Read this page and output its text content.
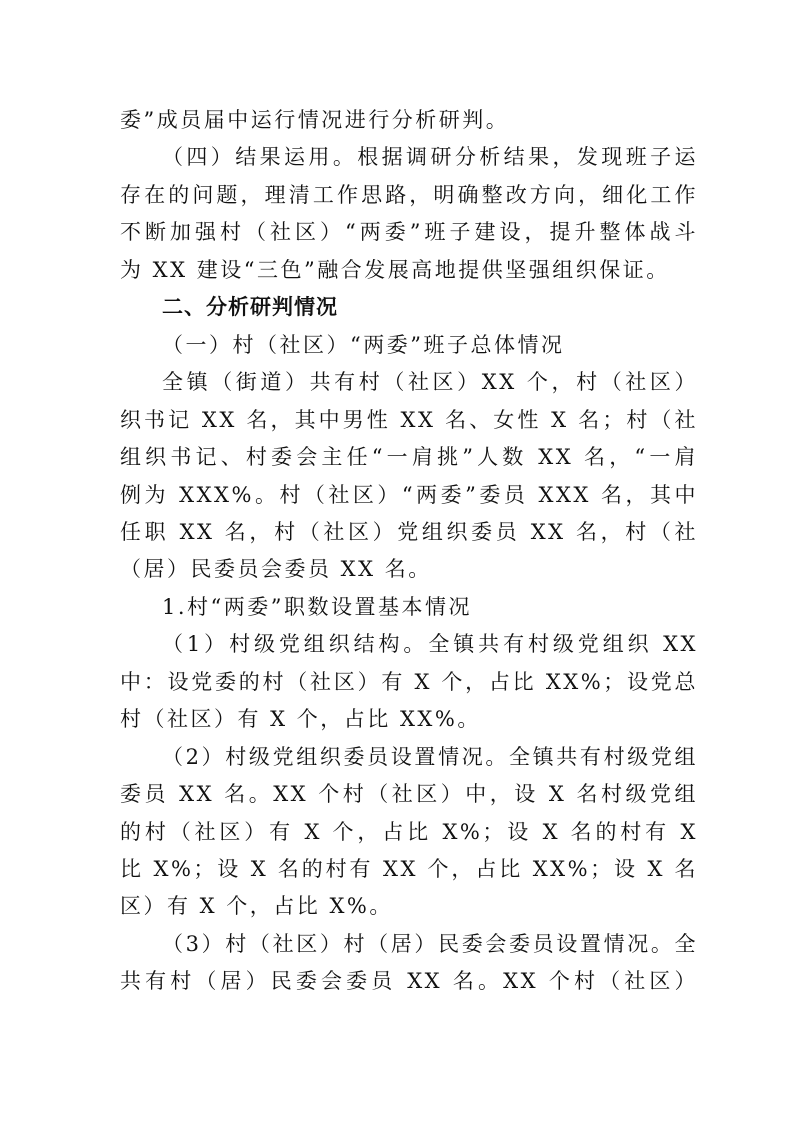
委”成员届中运行情况进行分析研判。
（四）结果运用。根据调研分析结果，发现班子运
存在的问题，理清工作思路，明确整改方向，细化工作
不断加强村（社区）“两委”班子建设，提升整体战斗
为 XX 建设“三色”融合发展高地提供坚强组织保证。
二、分析研判情况
（一）村（社区）“两委”班子总体情况
全镇（街道）共有村（社区）XX 个，村（社区）
织书记 XX 名，其中男性 XX 名、女性 X 名；村（社
组织书记、村委会主任“一肩挑”人数 XX 名，“一肩
例为 XXX%。村（社区）“两委”委员 XXX 名，其中
任职 XX 名，村（社区）党组织委员 XX 名，村（社
（居）民委员会委员 XX 名。
1.村“两委”职数设置基本情况
（1）村级党组织结构。全镇共有村级党组织 XX
中：设党委的村（社区）有 X 个，占比 XX%；设党总
村（社区）有 X 个，占比 XX%。
（2）村级党组织委员设置情况。全镇共有村级党组
委员 XX 名。XX 个村（社区）中，设 X 名村级党组
的村（社区）有 X 个，占比 X%；设 X 名的村有 X
比 X%；设 X 名的村有 XX 个，占比 XX%；设 X 名
区）有 X 个，占比 X%。
（3）村（社区）村（居）民委会委员设置情况。全
共有村（居）民委会委员 XX 名。XX 个村（社区）
